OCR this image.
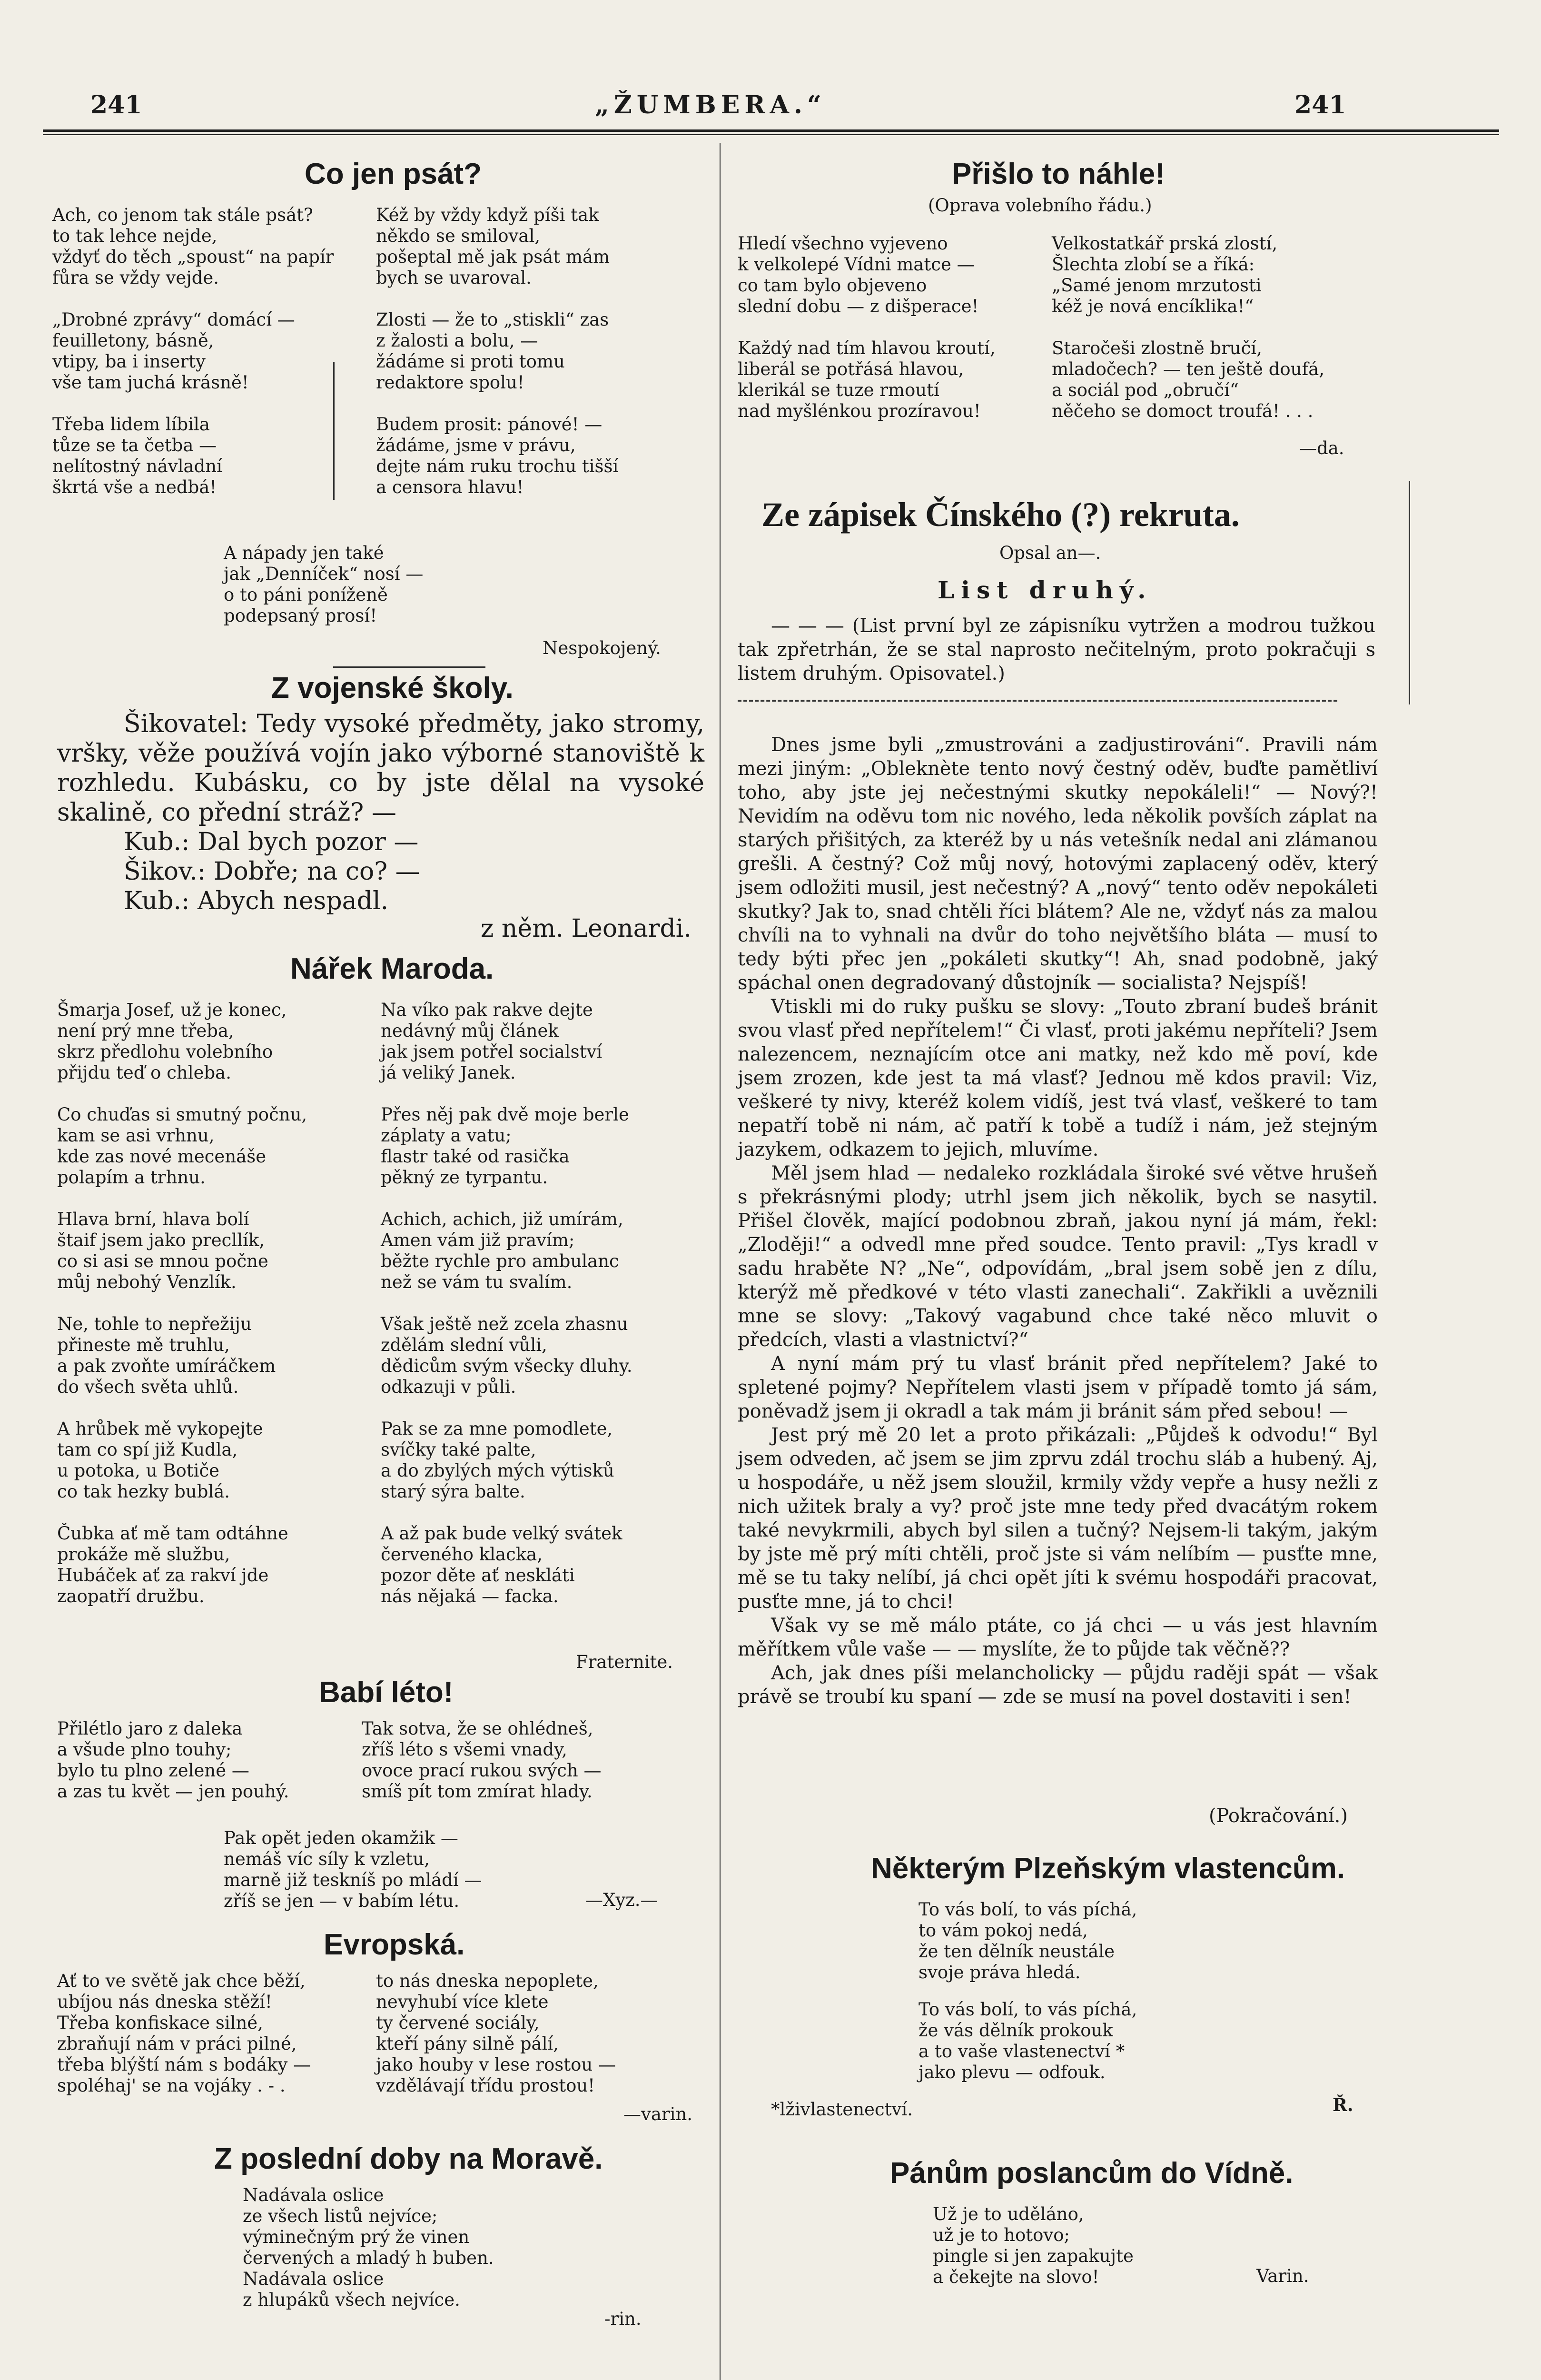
241	„ŽUMBERA.“	241
Co jen psát?
Ach, co jenom tak stále psát?
to tak lehce nejde,
vždyť do těch „spoust“ na papír
fůra se vždy vejde.

„Drobné zprávy“ domácí —
feuilletony, básně,
vtipy, ba i inserty
vše tam juchá krásně!

Třeba lidem líbila
tůze se ta četba —
nelítostný návladní
škrtá vše a nedbá!
Kéž by vždy když píši tak
někdo se smiloval,
pošeptal mě jak psát mám
bych se uvaroval.

Zlosti — že to „stiskli“ zas
z žalosti a bolu, —
žádáme si proti tomu
redaktore spolu!

Budem prosit: pánové! —
žádáme, jsme v právu,
dejte nám ruku trochu tišší
a censora hlavu!
A nápady jen také
jak „Denníček“ nosí —
o to páni poníženě
podepsaný prosí!
Nespokojený.
Z vojenské školy.

Šikovatel: Tedy vysoké předměty, jako stromy, vršky, věže používá vojín jako výborné stanoviště k rozhledu. Kubásku, co by jste dělal na vysoké skalině, co přední stráž? —

Kub.: Dal bych pozor —

Šikov.: Dobře; na co? —

Kub.: Abych nespadl.

z něm. Leonardi.
Nářek Maroda.
Šmarja Josef, už je konec,
není prý mne třeba,
skrz předlohu volebního
přijdu teď o chleba.

Co chuďas si smutný počnu,
kam se asi vrhnu,
kde zas nové mecenáše
polapím a trhnu.

Hlava brní, hlava bolí
štaif jsem jako precllík,
co si asi se mnou počne
můj nebohý Venzlík.

Ne, tohle to nepřežiju
přineste mě truhlu,
a pak zvoňte umíráčkem
do všech světa uhlů.

A hrůbek mě vykopejte
tam co spí již Kudla,
u potoka, u Botiče
co tak hezky bublá.

Čubka ať mě tam odtáhne
prokáže mě službu,
Hubáček ať za rakví jde
zaopatří družbu.
Na víko pak rakve dejte
nedávný můj článek
jak jsem potřel socialství
já veliký Janek.

Přes něj pak dvě moje berle
záplaty a vatu;
flastr také od rasička
pěkný ze tyrpantu.

Achich, achich, již umírám,
Amen vám již pravím;
běžte rychle pro ambulanc
než se vám tu svalím.

Však ještě než zcela zhasnu
zdělám slední vůli,
dědicům svým všecky dluhy.
odkazuji v půli.

Pak se za mne pomodlete,
svíčky také palte,
a do zbylých mých výtisků
starý sýra balte.

A až pak bude velký svátek
červeného klacka,
pozor děte ať neskláti
nás nějaká — facka.
Fraternite.
Babí léto!
Přilétlo jaro z daleka
a všude plno touhy;
bylo tu plno zelené —
a zas tu květ — jen pouhý.
Tak sotva, že se ohlédneš,
zříš léto s všemi vnady,
ovoce prací rukou svých —
smíš pít tom zmírat hlady.
Pak opět jeden okamžik —
nemáš víc síly k vzletu,
marně již teskníš po mládí —
zříš se jen — v babím létu.	—Xyz.—
Evropská.
Ať to ve světě jak chce běží,
ubíjou nás dneska stěží!
Třeba konfiskace silné,
zbraňují nám v práci pilné,
třeba blýští nám s bodáky —
spoléhaj' se na vojáky . - .
to nás dneska nepoplete,
nevyhubí více klete
ty červené sociály,
kteří pány silně pálí,
jako houby v lese rostou —
vzdělávají třídu prostou!
—varin.
Z poslední doby na Moravě.
Nadávala oslice
ze všech listů nejvíce;
výminečným prý že vinen
červených a mladý h buben.
Nadávala oslice
z hlupáků všech nejvíce.
-rin.
Přišlo to náhle!
(Oprava volebního řádu.)
Hledí všechno vyjeveno
k velkolepé Vídni matce —
co tam bylo objeveno
slední dobu — z dišperace!

Každý nad tím hlavou kroutí,
liberál se potřásá hlavou,
klerikál se tuze rmoutí
nad myšlénkou prozíravou!
Velkostatkář prská zlostí,
Šlechta zlobí se a říká:
„Samé jenom mrzutosti
kéž je nová encíklika!“

Staročeši zlostně bručí,
mladočech? — ten ještě doufá,
a sociál pod „obručí“
něčeho se domoct troufá! . . .
—da.
Ze zápisek Čínského (?) rekruta.
Opsal an—.
List druhý.
— — — (List první byl ze zápisníku vytržen a modrou tužkou tak zpřetrhán, že se stal naprosto nečitelným, proto pokračuji s listem druhým. Opisovatel.)

Dnes jsme byli „zmustrováni a zadjustirováni“. Pravili nám mezi jiným: „Obleknète tento nový čestný oděv, buďte pamětliví toho, aby jste jej nečestnými skutky nepokáleli!“ — Nový?! Nevidím na oděvu tom nic nového, leda několik povších záplat na starých přišitých, za kteréž by u nás vetešník nedal ani zlámanou grešli. A čestný? Což můj nový, hotovými zaplacený oděv, který jsem odložiti musil, jest nečestný? A „nový“ tento oděv nepokáleti skutky? Jak to, snad chtěli říci blátem? Ale ne, vždyť nás za malou chvíli na to vyhnali na dvůr do toho největšího bláta — musí to tedy býti přec jen „pokáleti skutky“! Ah, snad podobně, jaký spáchal onen degradovaný důstojník — socialista? Nejspíš!

Vtiskli mi do ruky pušku se slovy: „Touto zbraní budeš bránit svou vlasť před nepřítelem!“ Či vlasť, proti jakému nepříteli? Jsem nalezencem, neznajícím otce ani matky, než kdo mě poví, kde jsem zrozen, kde jest ta má vlasť? Jednou mě kdos pravil: Viz, veškeré ty nivy, kteréž kolem vidíš, jest tvá vlasť, veškeré to tam nepatří tobě ni nám, ač patří k tobě a tudíž i nám, jež stejným jazykem, odkazem to jejich, mluvíme.

Měl jsem hlad — nedaleko rozkládala široké své větve hrušeň s překrásnými plody; utrhl jsem jich několik, bych se nasytil. Přišel člověk, mající podobnou zbraň, jakou nyní já mám, řekl: „Zloději!“ a odvedl mne před soudce. Tento pravil: „Tys kradl v sadu hraběte N? „Ne“, odpovídám, „bral jsem sobě jen z dílu, kterýž mě předkové v této vlasti zanechali“. Zakřikli a uvěznili mne se slovy: „Takový vagabund chce také něco mluvit o předcích, vlasti a vlastnictví?“

A nyní mám prý tu vlasť bránit před nepřítelem? Jaké to spletené pojmy? Nepřítelem vlasti jsem v případě tomto já sám, poněvadž jsem ji okradl a tak mám ji bránit sám před sebou! —

Jest prý mě 20 let a proto přikázali: „Půjdeš k odvodu!“ Byl jsem odveden, ač jsem se jim zprvu zdál trochu sláb a hubený. Aj, u hospodáře, u něž jsem sloužil, krmily vždy vepře a husy nežli z nich užitek braly a vy? proč jste mne tedy před dvacátým rokem také nevykrmili, abych byl silen a tučný? Nejsem-li takým, jakým by jste mě prý míti chtěli, proč jste si vám nelíbím — pusťte mne, mě se tu taky nelíbí, já chci opět jíti k svému hospodáři pracovat, pusťte mne, já to chci!

Však vy se mě málo ptáte, co já chci — u vás jest hlavním měřítkem vůle vaše — — myslíte, že to půjde tak věčně??

Ach, jak dnes píši melancholicky — půjdu raději spát — však právě se troubí ku spaní — zde se musí na povel dostaviti i sen!

(Pokračování.)
Některým Plzeňským vlastencům.
To vás bolí, to vás píchá,
to vám pokoj nedá,
že ten dělník neustále
svoje práva hledá.
To vás bolí, to vás píchá,
že vás dělník prokouk
a to vaše vlastenectví *
jako plevu — odfouk.
*lživlastenectví.	Ř.
Pánům poslancům do Vídně.
Už je to uděláno,
už je to hotovo;
pingle si jen zapakujte
a čekejte na slovo!	Varin.
